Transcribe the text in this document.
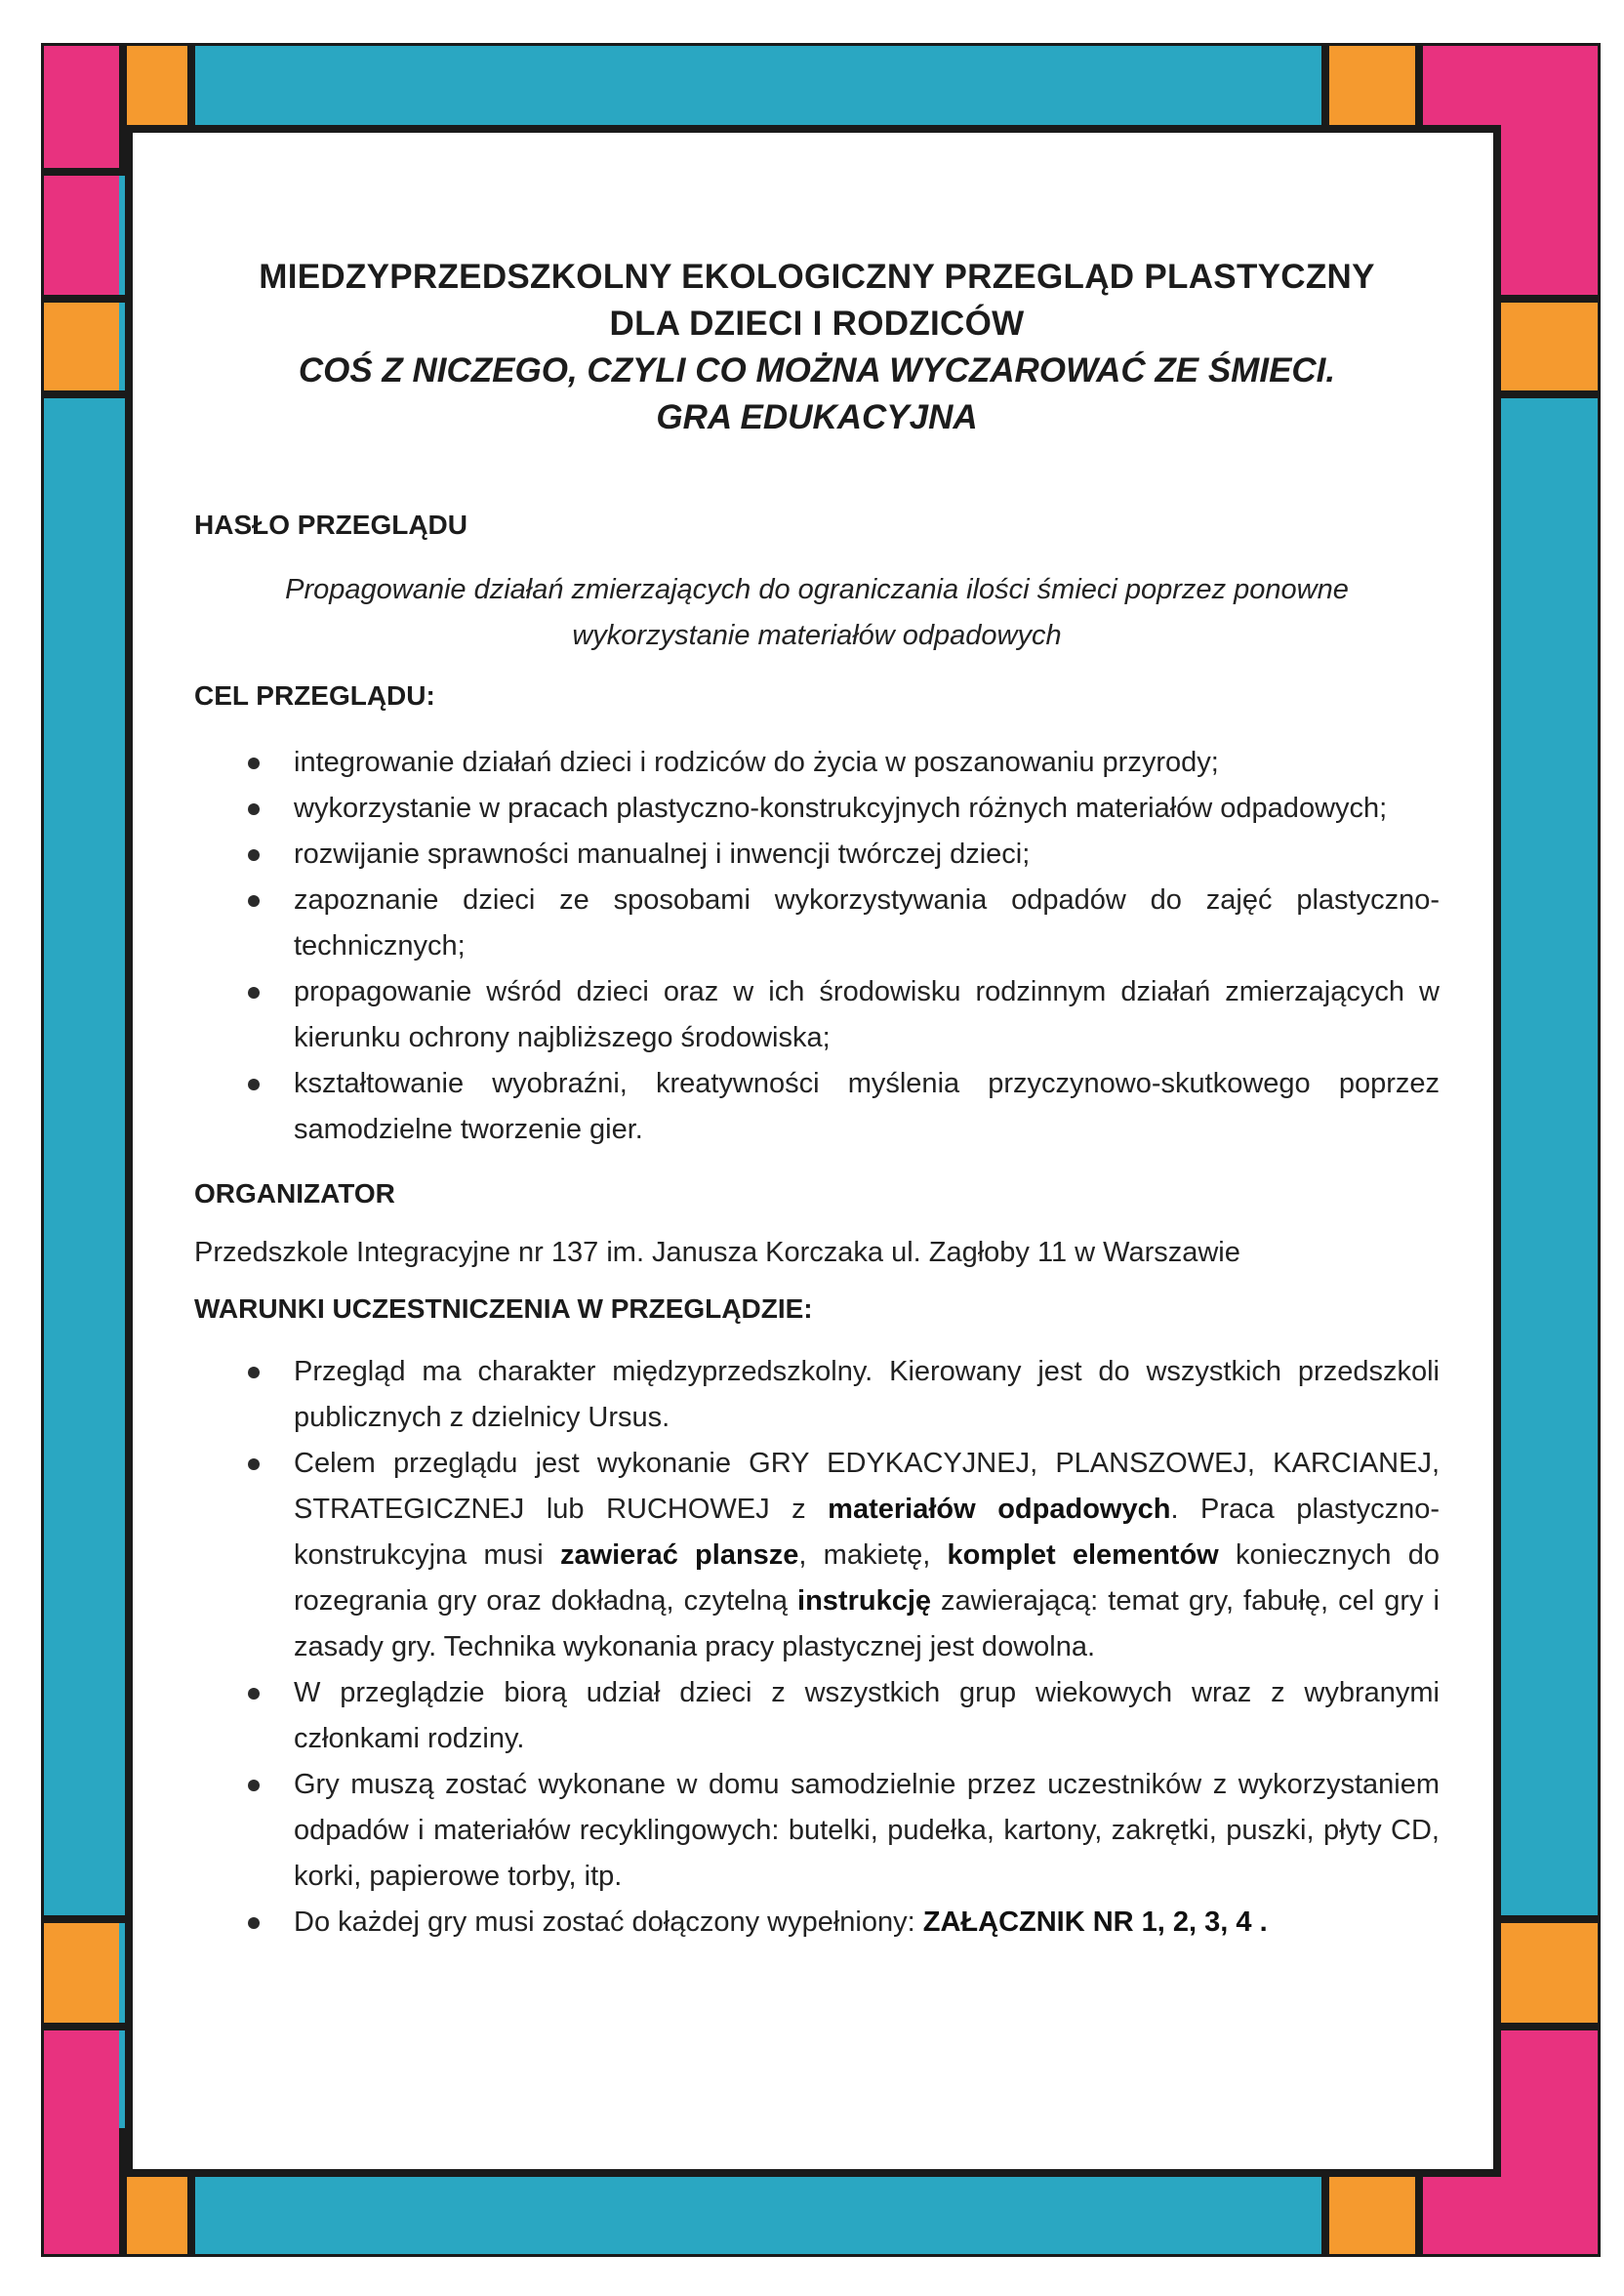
MIEDZYPRZEDSZKOLNY EKOLOGICZNY PRZEGLĄD PLASTYCZNY

DLA DZIECI I RODZICÓW

COŚ Z NICZEGO, CZYLI CO MOŻNA WYCZAROWAĆ ZE ŚMIECI.

GRA EDUKACYJNA

HASŁO PRZEGLĄDU

Propagowanie działań zmierzających do ograniczania ilości śmieci poprzez ponowne

wykorzystanie materiałów odpadowych

CEL PRZEGLĄDU:

integrowanie działań dzieci i rodziców do życia w poszanowaniu przyrody;
wykorzystanie w pracach plastyczno-konstrukcyjnych różnych materiałów odpadowych;
rozwijanie sprawności manualnej i inwencji twórczej dzieci;
zapoznanie dzieci ze sposobami wykorzystywania odpadów do zajęć plastyczno-technicznych;
propagowanie wśród dzieci oraz w ich środowisku rodzinnym działań zmierzających w kierunku ochrony najbliższego środowiska;
kształtowanie wyobraźni, kreatywności myślenia przyczynowo-skutkowego poprzez samodzielne tworzenie gier.

ORGANIZATOR

Przedszkole Integracyjne nr 137 im. Janusza Korczaka ul. Zagłoby 11 w Warszawie

WARUNKI UCZESTNICZENIA W PRZEGLĄDZIE:

Przegląd ma charakter międzyprzedszkolny. Kierowany jest do wszystkich przedszkoli publicznych z dzielnicy Ursus.
Celem przeglądu jest wykonanie GRY EDYKACYJNEJ, PLANSZOWEJ, KARCIANEJ, STRATEGICZNEJ lub RUCHOWEJ z materiałów odpadowych. Praca plastyczno-konstrukcyjna musi zawierać plansze, makietę, komplet elementów koniecznych do rozegrania gry oraz dokładną, czytelną instrukcję zawierającą: temat gry, fabułę, cel gry i zasady gry. Technika wykonania pracy plastycznej jest dowolna.
W przeglądzie biorą udział dzieci z wszystkich grup wiekowych wraz z wybranymi członkami rodziny.
Gry muszą zostać wykonane w domu samodzielnie przez uczestników z wykorzystaniem odpadów i materiałów recyklingowych: butelki, pudełka, kartony, zakrętki, puszki, płyty CD, korki, papierowe torby, itp.
Do każdej gry musi zostać dołączony wypełniony: ZAŁĄCZNIK NR 1, 2, 3, 4 .
